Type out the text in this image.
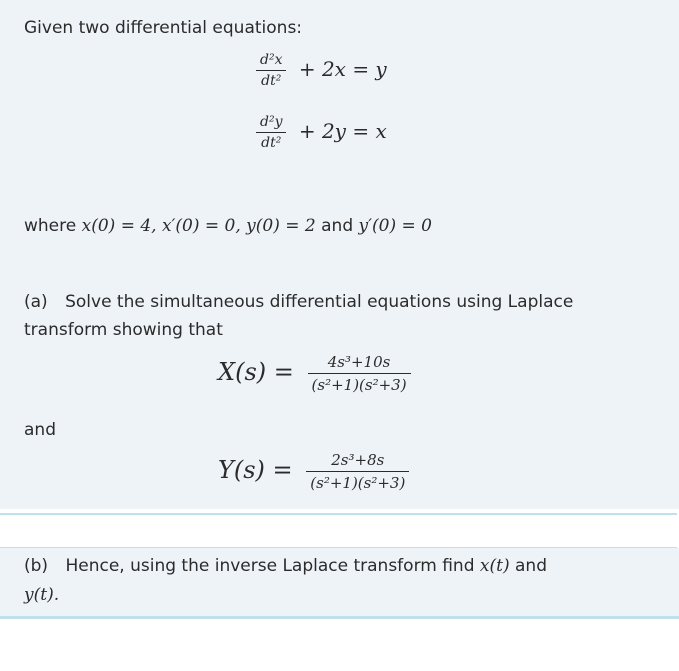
Given two differential equations:
$\frac{\text{d²x}}{\text{dt²}} + 2x = y$
$\frac{\text{d²y}}{\text{dt²}} + 2y = x$
where x(0) = 4, x′(0) = 0, y(0) = 2 and y′(0) = 0
(a) Solve the simultaneous differential equations using Laplace
transform showing that
$X(s) = \frac{\text{4s³+10s}}{\text{(s²+1)(s²+3)}}$
and
$Y(s) = \frac{\text{2s³+8s}}{\text{(s²+1)(s²+3)}}$
(b) Hence, using the inverse Laplace transform find x(t) and
y(t).
